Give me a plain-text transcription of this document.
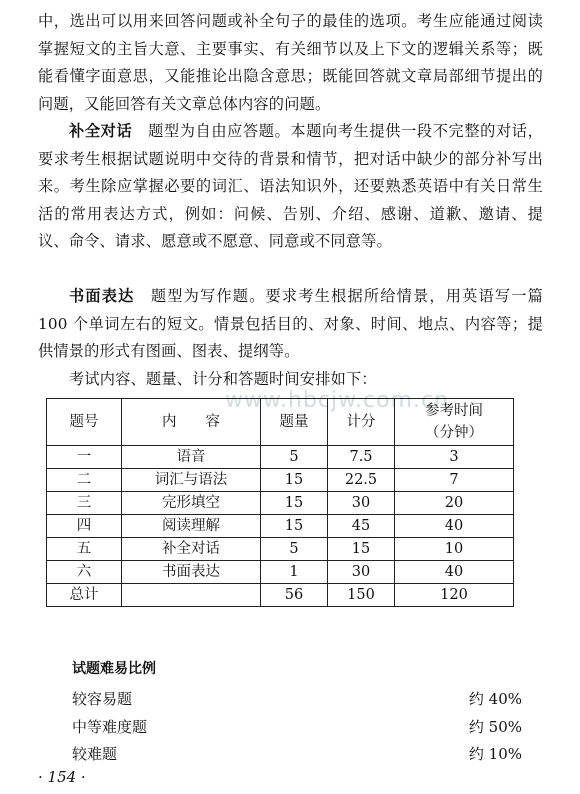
中，选出可以用来回答问题或补全句子的最佳的选项。考生应能通过阅读掌握短文的主旨大意、主要事实、有关细节以及上下文的逻辑关系等；既能看懂字面意思，又能推论出隐含意思；既能回答就文章局部细节提出的问题，又能回答有关文章总体内容的问题。

补全对话　 题型为自由应答题。本题向考生提供一段不完整的对话，要求考生根据试题说明中交待的背景和情节，把对话中缺少的部分补写出来。考生除应掌握必要的词汇、语法知识外，还要熟悉英语中有关日常生活的常用表达方式，例如：问候、告别、介绍、感谢、道歉、邀请、提议、命令、请求、愿意或不愿意、同意或不同意等。

书面表达　 题型为写作题。要求考生根据所给情景，用英语写一篇 100 个单词左右的短文。情景包括目的、对象、时间、地点、内容等；提供情景的形式有图画、图表、提纲等。

考试内容、题量、计分和答题时间安排如下：

www.hbcjw.com.cn
题号	内　　容	题量	计分	参考时间
（分钟）

一	语音	5	7.5	3
二	词汇与语法	15	22.5	7
三	完形填空	15	30	20
四	阅读理解	15	45	40
五	补全对话	5	15	10
六	书面表达	1	30	40
总计		56	150	120
试题难易比例
较容易题	约 40%
中等难度题	约 50%
较难题	约 10%
· 154 ·
